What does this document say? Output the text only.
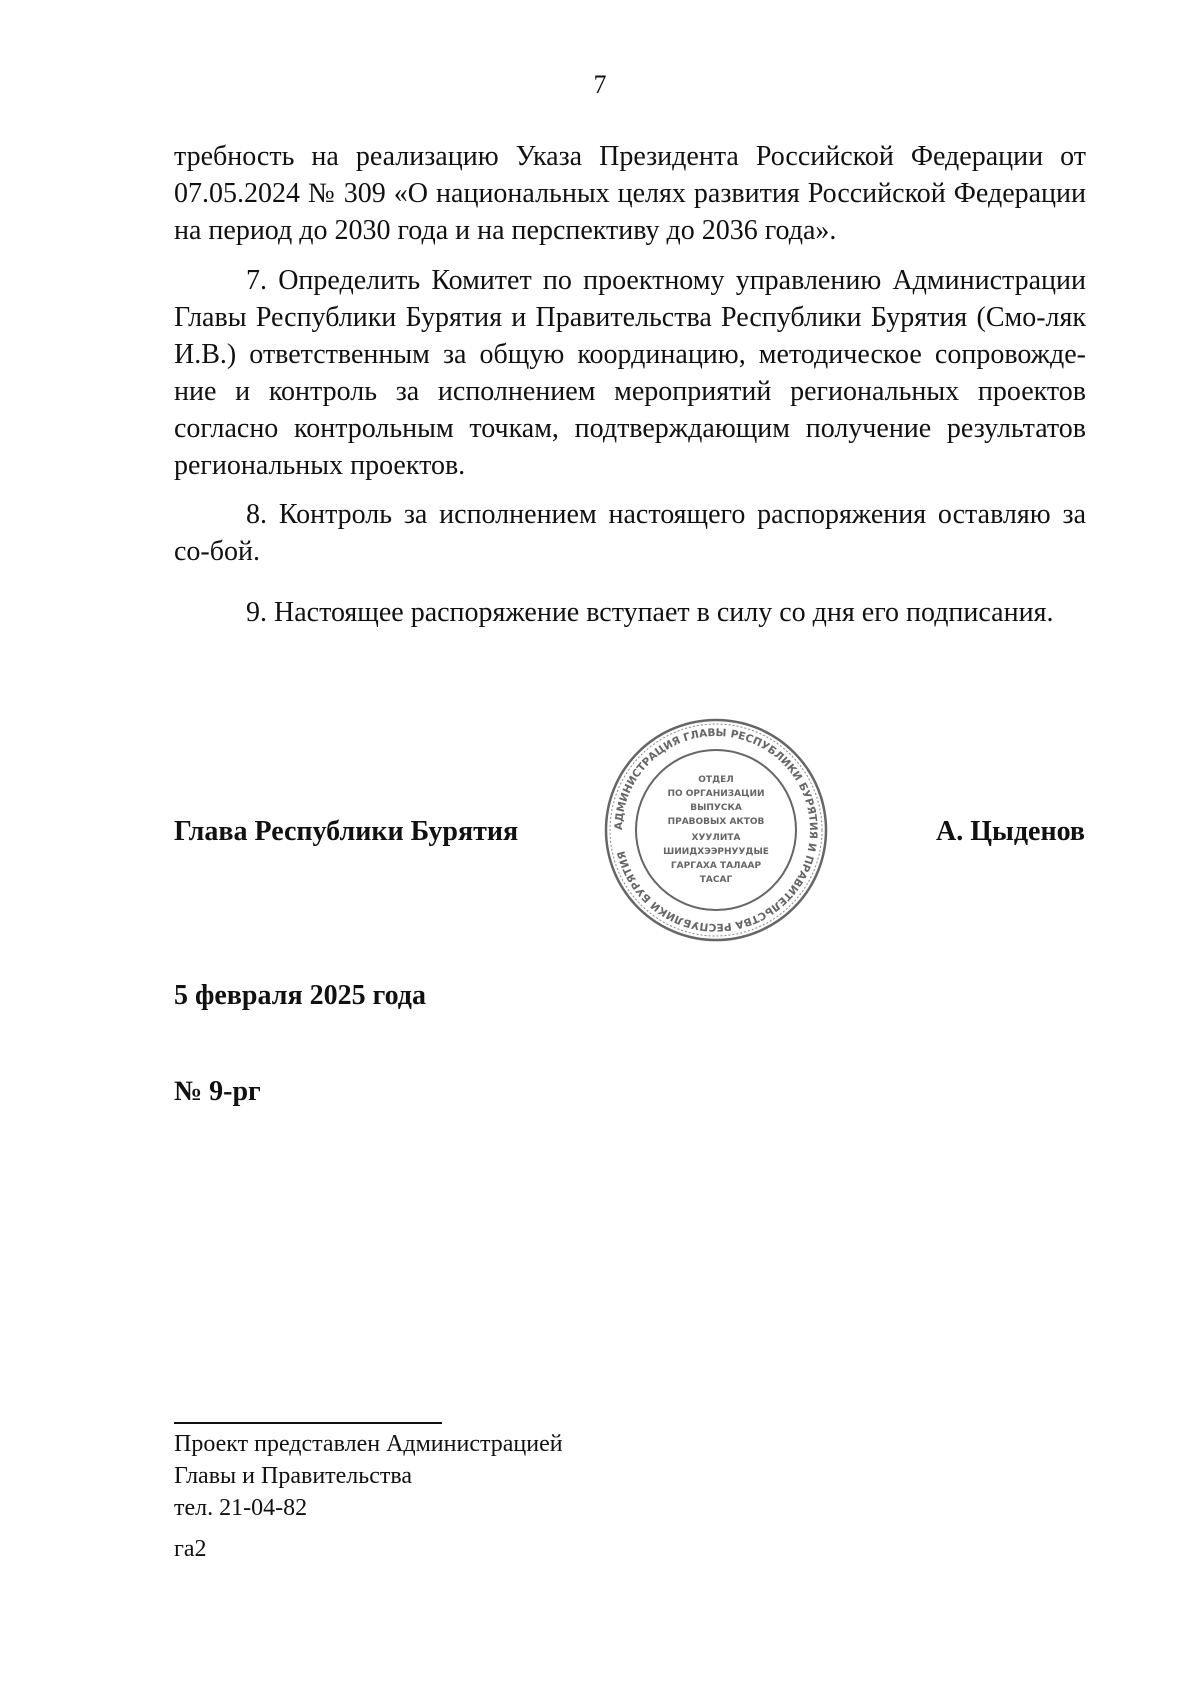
7

требность на реализацию Указа Президента Российской Федерации от 07.05.2024 № 309 «О национальных целях развития Российской Федерации на период до 2030 года и на перспективу до 2036 года».

7. Определить Комитет по проектному управлению Администрации Главы Республики Бурятия и Правительства Республики Бурятия (Смо-ляк И.В.) ответственным за общую координацию, методическое сопровожде-ние и контроль за исполнением мероприятий региональных проектов согласно контрольным точкам, подтверждающим получение результатов региональных проектов.

8. Контроль за исполнением настоящего распоряжения оставляю за со-бой.

9. Настоящее распоряжение вступает в силу со дня его подписания.

Глава Республики Бурятия	АДМИНИСТРАЦИЯ ГЛАВЫ РЕСПУБЛИКИ БУРЯТИЯ И ПРАВИТЕЛЬСТВА РЕСПУБЛИКИ БУРЯТИЯ
ОТДЕЛ
ПО ОРГАНИЗАЦИИ
ВЫПУСКА
ПРАВОВЫХ АКТОВ
ХУУЛИТА
ШИИДХЭЭРНУУДЫЕ
ГАРГАХА ТАЛААР
ТАСАГ
А. Цыденов
5 февраля 2025 года
№ 9-рг
Проект представлен Администрацией
Главы и Правительства
тел. 21-04-82
га2
